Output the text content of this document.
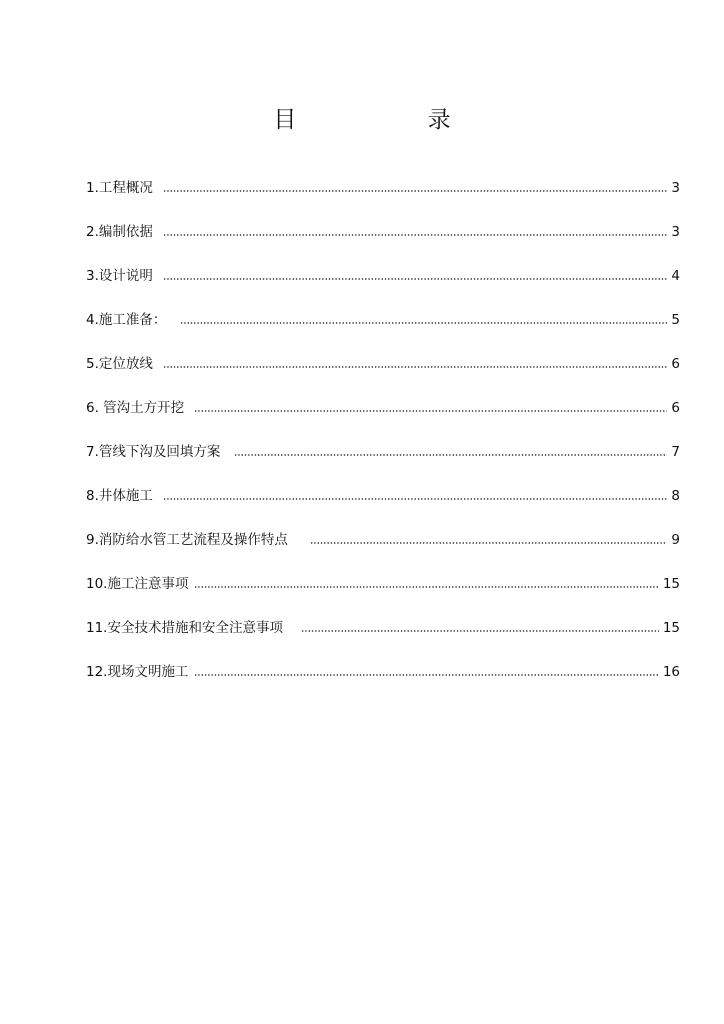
目 录
1.工程概况	3
2.编制依据	3
3.设计说明	4
4.施工准备：	5
5.定位放线	6
6. 管沟土方开挖	6
7.管线下沟及回填方案	7
8.井体施工	8
9.消防给水管工艺流程及操作特点	9
10.施工注意事项	15
11.安全技术措施和安全注意事项	15
12.现场文明施工	16
